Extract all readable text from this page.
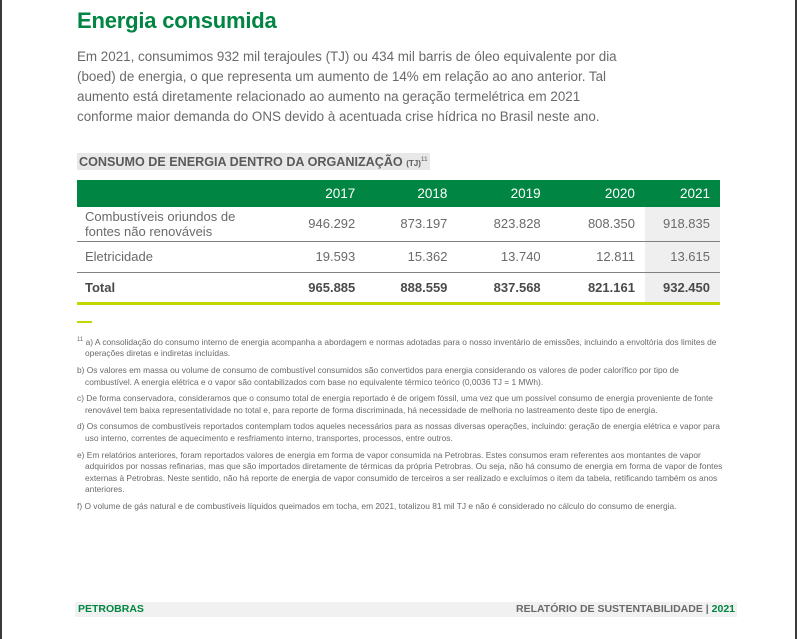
Energia consumida

Em 2021, consumimos 932 mil terajoules (TJ) ou 434 mil barris de óleo equivalente por dia (boed) de energia, o que representa um aumento de 14% em relação ao ano anterior. Tal aumento está diretamente relacionado ao aumento na geração termelétrica em 2021 conforme maior demanda do ONS devido à acentuada crise hídrica no Brasil neste ano.

CONSUMO DE ENERGIA DENTRO DA ORGANIZAÇÃO (TJ)$^{11}$
	2017	2018	2019	2020	2021
Combustíveis oriundos de fontes não renováveis	946.292	873.197	823.828	808.350	918.835
Eletricidade	19.593	15.362	13.740	12.811	13.615
Total	965.885	888.559	837.568	821.161	932.450

$^{11}$ a) A consolidação do consumo interno de energia acompanha a abordagem e normas adotadas para o nosso inventário de emissões, incluindo a envoltória dos limites de operações diretas e indiretas incluídas.

b) Os valores em massa ou volume de consumo de combustível consumidos são convertidos para energia considerando os valores de poder calorífico por tipo de combustível. A energia elétrica e o vapor são contabilizados com base no equivalente térmico teórico (0,0036 TJ = 1 MWh).

c) De forma conservadora, consideramos que o consumo total de energia reportado é de origem fóssil, uma vez que um possível consumo de energia proveniente de fonte renovável tem baixa representatividade no total e, para reporte de forma discriminada, há necessidade de melhoria no lastreamento deste tipo de energia.

d) Os consumos de combustíveis reportados contemplam todos aqueles necessários para as nossas diversas operações, incluindo: geração de energia elétrica e vapor para uso interno, correntes de aquecimento e resfriamento interno, transportes, processos, entre outros.

e) Em relatórios anteriores, foram reportados valores de energia em forma de vapor consumida na Petrobras. Estes consumos eram referentes aos montantes de vapor adquiridos por nossas refinarias, mas que são importados diretamente de térmicas da própria Petrobras. Ou seja, não há consumo de energia em forma de vapor de fontes externas à Petrobras. Neste sentido, não há reporte de energia de vapor consumido de terceiros a ser realizado e excluímos o item da tabela, retificando também os anos anteriores.

f) O volume de gás natural e de combustíveis líquidos queimados em tocha, em 2021, totalizou 81 mil TJ e não é considerado no cálculo do consumo de energia.

PETROBRAS	RELATÓRIO DE SUSTENTABILIDADE | 2021
